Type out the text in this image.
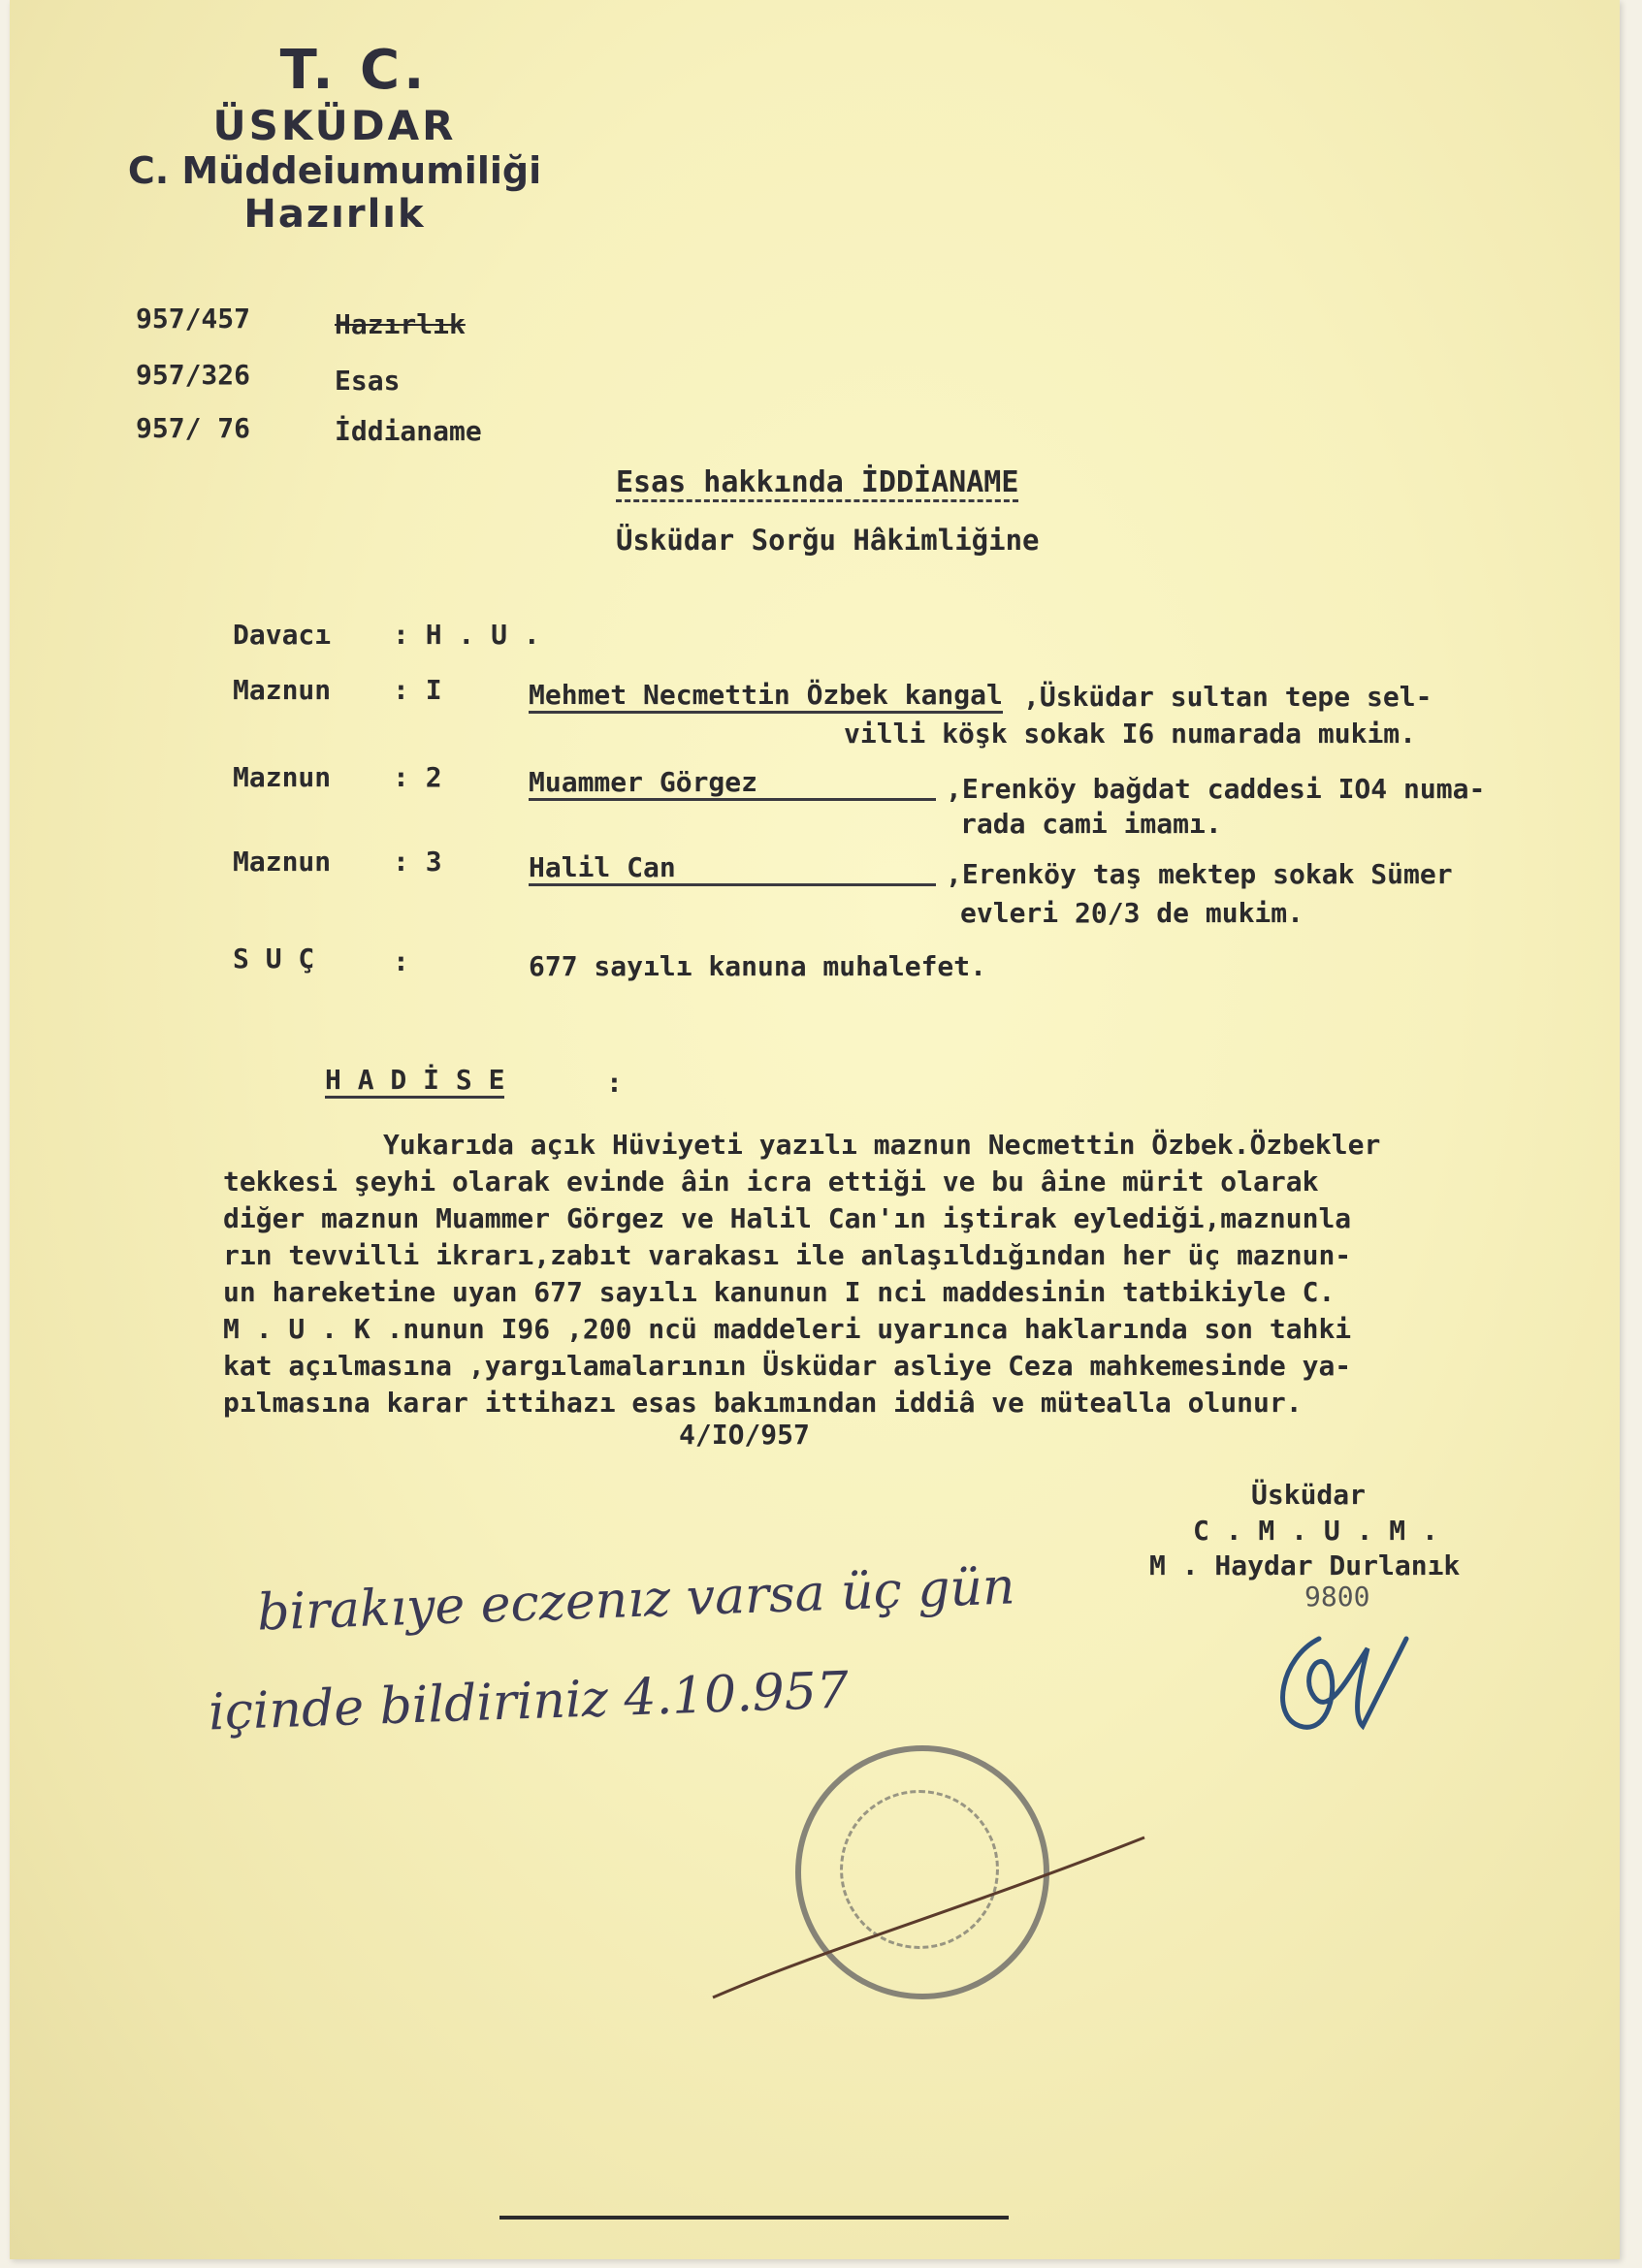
T. C.
ÜSKÜDAR
C. Müddeiumumiliği
Hazırlık
957/457	Hazırlık
957/326	Esas
957/ 76	İddianame
Esas hakkında İDDİANAME
Üsküdar Sorğu Hâkimliğine
Davacı : H . U .
Maznun : I	Mehmet Necmettin Özbek kangal ,Üsküdar sultan tepe sel-
villi köşk sokak I6 numarada mukim.
Maznun : 2	Muammer Görgez	,Erenköy bağdat caddesi IO4 numa-
rada cami imamı.
Maznun : 3	Halil Can	,Erenköy taş mektep sokak Sümer
evleri 20/3 de mukim.
S U Ç	:	677 sayılı kanuna muhalefet.
H A D İ S E	:
Yukarıda açık Hüviyeti yazılı maznun Necmettin Özbek.Özbekler
tekkesi şeyhi olarak evinde âin icra ettiği ve bu âine mürit olarak
diğer maznun Muammer Görgez ve Halil Can'ın iştirak eylediği,maznunla
rın tevvilli ikrarı,zabıt varakası ile anlaşıldığından her üç maznun-
un hareketine uyan 677 sayılı kanunun I nci maddesinin tatbikiyle C.
M . U . K .nunun I96 ,200 ncü maddeleri uyarınca haklarında son tahki
kat açılmasına ,yargılamalarının Üsküdar asliye Ceza mahkemesinde ya-
pılmasına karar ittihazı esas bakımından iddiâ ve mütealla olunur.
4/IO/957
Üsküdar
C . M . U . M .
M . Haydar Durlanık
9800
birakıye eczenız varsa üç gün
içinde bildiriniz 4.10.957
